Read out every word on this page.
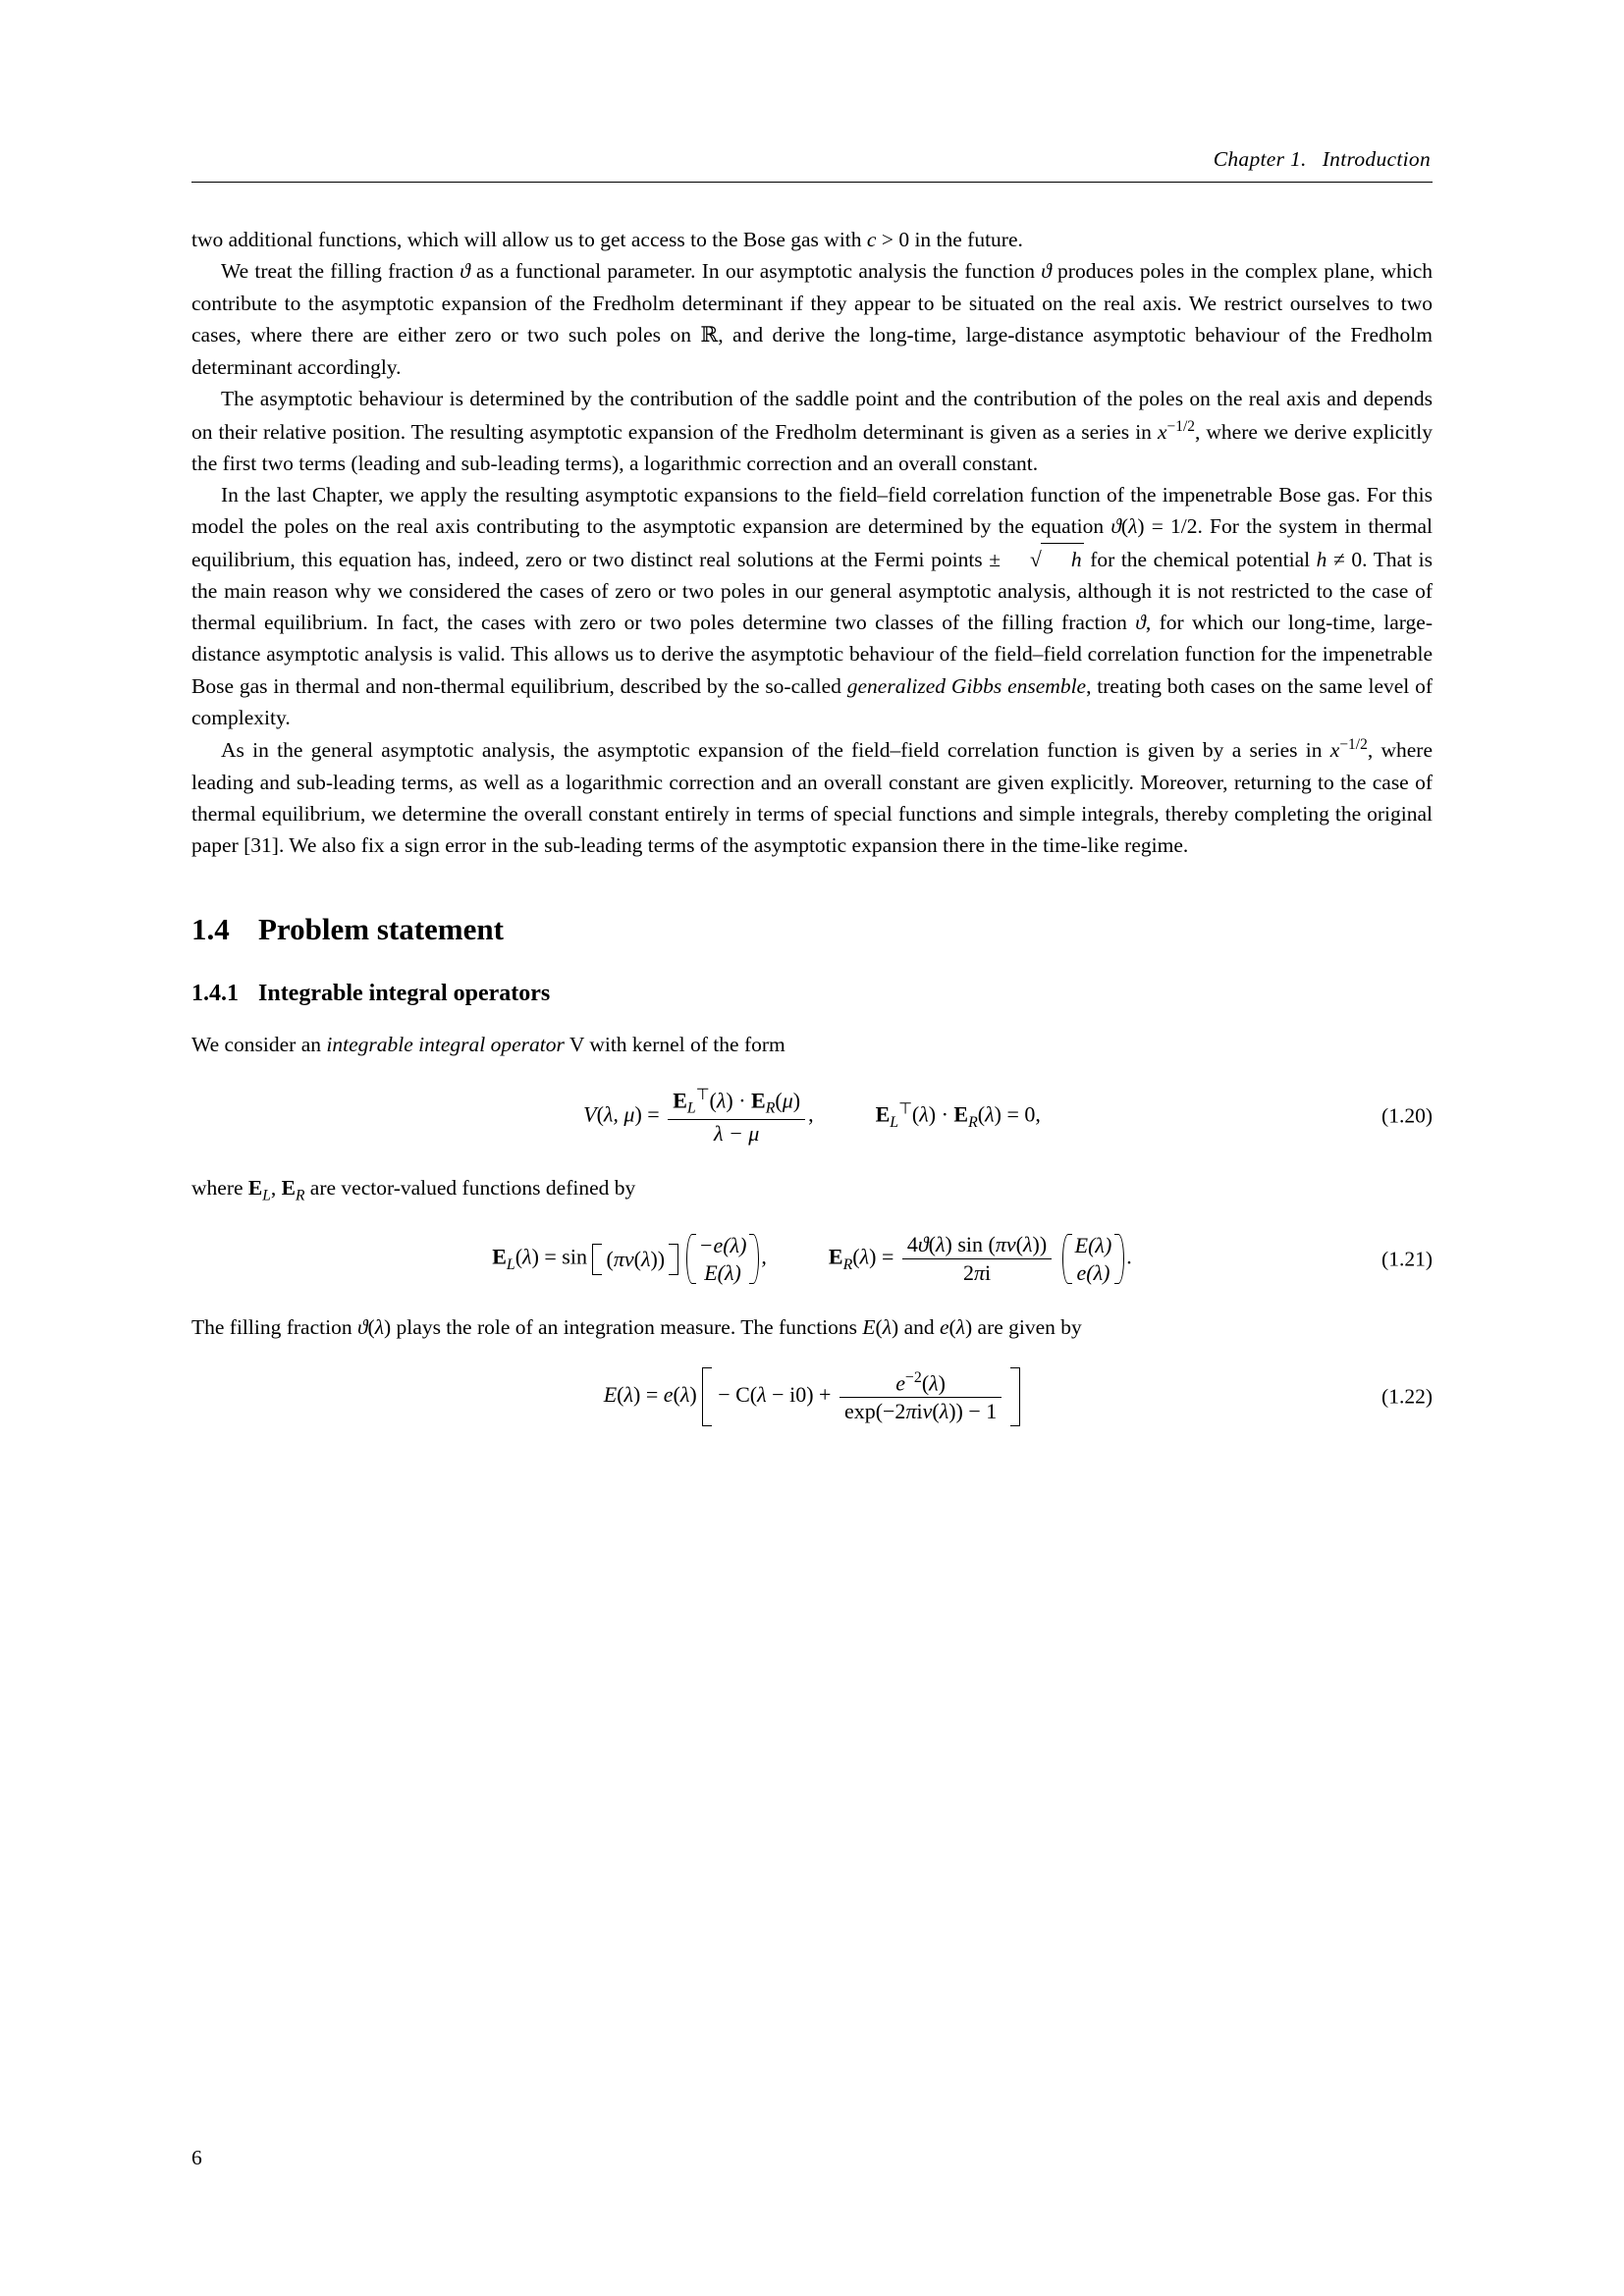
Chapter 1. Introduction

two additional functions, which will allow us to get access to the Bose gas with c > 0 in the future.

We treat the filling fraction ϑ as a functional parameter. In our asymptotic analysis the function ϑ produces poles in the complex plane, which contribute to the asymptotic expansion of the Fredholm determinant if they appear to be situated on the real axis. We restrict ourselves to two cases, where there are either zero or two such poles on ℝ, and derive the long-time, large-distance asymptotic behaviour of the Fredholm determinant accordingly.

The asymptotic behaviour is determined by the contribution of the saddle point and the contribution of the poles on the real axis and depends on their relative position. The resulting asymptotic expansion of the Fredholm determinant is given as a series in $x^{-1/2}$, where we derive explicitly the first two terms (leading and sub-leading terms), a logarithmic correction and an overall constant.

In the last Chapter, we apply the resulting asymptotic expansions to the field–field correlation function of the impenetrable Bose gas. For this model the poles on the real axis contributing to the asymptotic expansion are determined by the equation ϑ(λ) = 1/2. For the system in thermal equilibrium, this equation has, indeed, zero or two distinct real solutions at the Fermi points ± √ h for the chemical potential h ≠ 0. That is the main reason why we considered the cases of zero or two poles in our general asymptotic analysis, although it is not restricted to the case of thermal equilibrium. In fact, the cases with zero or two poles determine two classes of the filling fraction ϑ, for which our long-time, large-distance asymptotic analysis is valid. This allows us to derive the asymptotic behaviour of the field–field correlation function for the impenetrable Bose gas in thermal and non-thermal equilibrium, described by the so-called generalized Gibbs ensemble, treating both cases on the same level of complexity.

As in the general asymptotic analysis, the asymptotic expansion of the field–field correlation function is given by a series in $x^{-1/2}$, where leading and sub-leading terms, as well as a logarithmic correction and an overall constant are given explicitly. Moreover, returning to the case of thermal equilibrium, we determine the overall constant entirely in terms of special functions and simple integrals, thereby completing the original paper [31]. We also fix a sign error in the sub-leading terms of the asymptotic expansion there in the time-like regime.

1.4 Problem statement
1.4.1 Integrable integral operators

We consider an integrable integral operator V with kernel of the form

V(λ, $\mu) = \frac{E_L^⊤(\lambda) \cdot E_R(\mu)}{\lambda - \mu}$ ,	$E_L^⊤(\lambda) \cdot E_R(\lambda) = 0$,	(1.20)

where $E_L$, $E_R$ are vector-valued functions defined by

$E_L(\lambda) = \sin (\pi\nu(\lambda))$
−e(λ)
E(λ)
,	$E_R(\lambda) = \frac{4ϑ(\lambda) \sin (\pi\nu(\lambda))}{2\pi i}$
E(λ)
e(λ)
.	(1.21)

The filling fraction ϑ(λ) plays the role of an integration measure. The functions E(λ) and e(λ) are given by

$E(\lambda) = e(\lambda) - C(\lambda - i0) + \frac{e^{-2}(\lambda)}{\text{exp(−2πiν(λ)) − 1}}$	(1.22)
6
